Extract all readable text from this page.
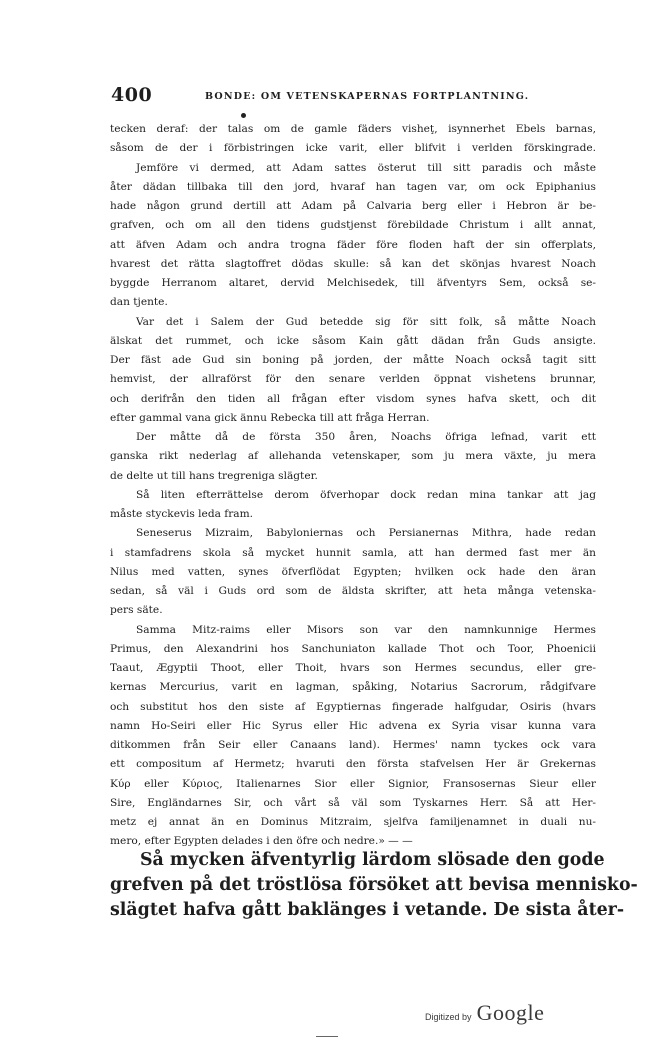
400	BONDE: OM VETENSKAPERNAS FORTPLANTNING.
tecken deraf: der talas om de gamle fäders visheţ, isynnerhet Ebels barnas,
såsom de der i förbistringen icke varit, eller blifvit i verlden förskingrade.
Jemföre vi dermed, att Adam sattes österut till sitt paradis och måste
åter dädan tillbaka till den jord, hvaraf han tagen var, om ock Epiphanius
hade någon grund dertill att Adam på Calvaria berg eller i Hebron är be-
grafven, och om all den tidens gudstjenst förebildade Christum i allt annat,
att äfven Adam och andra trogna fäder före floden haft der sin offerplats,
hvarest det rätta slagtoffret dödas skulle: så kan det skönjas hvarest Noach
byggde Herranom altaret, dervid Melchisedek, till äfventyrs Sem, också se-
dan tjente.
Var det i Salem der Gud betedde sig för sitt folk, så måtte Noach
älskat det rummet, och icke såsom Kain gått dädan från Guds ansigte.
Der fäst ade Gud sin boning på jorden, der måtte Noach också tagit sitt
hemvist, der allraförst för den senare verlden öppnat vishetens brunnar,
och derifrån den tiden all frågan efter visdom synes hafva skett, och dit
efter gammal vana gick ännu Rebecka till att fråga Herran.
Der måtte då de första 350 åren, Noachs öfriga lefnad, varit ett
ganska rikt nederlag af allehanda vetenskaper, som ju mera växte, ju mera
de delte ut till hans tregreniga slägter.
Så liten efterrättelse derom öfverhopar dock redan mina tankar att jag
måste styckevis leda fram.
Seneserus Mizraim, Babyloniernas och Persianernas Mithra, hade redan
i stamfadrens skola så mycket hunnit samla, att han dermed fast mer än
Nilus med vatten, synes öfverflödat Egypten; hvilken ock hade den äran
sedan, så väl i Guds ord som de äldsta skrifter, att heta många vetenska-
pers säte.
Samma Mitz-raims eller Misors son var den namnkunnige Hermes
Primus, den Alexandrini hos Sanchuniaton kallade Thot och Toor, Phoenicii
Taaut, Ægyptii Thoot, eller Thoit, hvars son Hermes secundus, eller gre-
kernas Mercurius, varit en lagman, spåking, Notarius Sacrorum, rådgifvare
och substitut hos den siste af Egyptiernas fingerade halfgudar, Osiris (hvars
namn Ho-Seiri eller Hic Syrus eller Hic advena ex Syria visar kunna vara
ditkommen från Seir eller Canaans land). Hermes' namn tyckes ock vara
ett compositum af Hermetz; hvaruti den första stafvelsen Her är Grekernas
Κύρ eller Κύριος, Italienarnes Sior eller Signior, Fransosernas Sieur eller
Sire, Engländarnes Sir, och vårt så väl som Tyskarnes Herr. Så att Her-
metz ej annat än en Dominus Mitzraim, sjelfva familjenamnet in duali nu-
mero, efter Egypten delades i den öfre och nedre.» — —
Så mycken äfventyrlig lärdom slösade den gode
grefven på det tröstlösa försöket att bevisa mennisko-
slägtet hafva gått baklänges i vetande. De sista åter-
Digitized by Google
